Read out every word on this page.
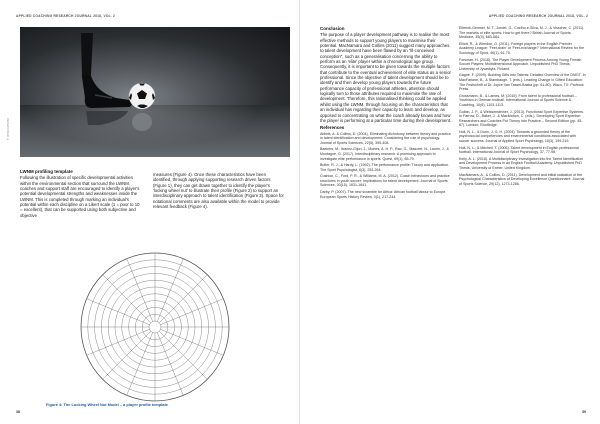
APPLIED COACHING RESEARCH JOURNAL 2018, VOL. 2
© ISTOCKPHOTO
LWNM profiling template

Following the illustration of specific developmental activities within the environmental section that surround the LWNM, coaches and support staff are encouraged to identify a player's potential developmental strengths and weaknesses inside the LWNM. This is completed through marking an individual's potential within each discipline on a Likert scale (1 = poor to 10 = excellent), that can be supported using both subjective and objective

measures (Figure 4). Once these characteristics have been identified, through applying supporting research driven factors (Figure 1), they can get drawn together to identify the player's 'locking wheel nut' to illustrate their profile (Figure 2) to support an interdisciplinary approach to talent identification (Figure 3). Space for notational comments are also available within the model to provide relevant feedback (Figure 4).

Figure 4: The Locking Wheel Nut Model – a player profile template
38
APPLIED COACHING RESEARCH JOURNAL 2018, VOL. 2
Conclusion

The purpose of a player development pathway is to realise the most effective methods to support young players to maximise their potential. MacNamara and Collins (2011) suggest many approaches to talent development have been flawed by an "ill-conceived conception", such as a generalisation concerning the ability to perform as an 'elite' player within a chronological age group. Consequently, it is important to be given towards the multiple factors that contribute to the eventual achievement of elite status as a senior professional. Since the objective of talent development should be to identify and then develop young players towards the future performance capacity of professional athletes, attention should logically turn to those attributes required to maximise the rate of development. Therefore, this rationalised thinking could be applied whilst using the LWNM, through focusing on the characteristics that an individual has regarding their capacity to learn and develop, as opposed to concentrating on what the coach already knows and how the player is performing at a particular time during their development.

References

Abbott, A. & Collins, D. (2004). Eliminating dichotomy between theory and practice in talent identification and development: Considering the role of psychology. Journal of Sports Sciences, 22(5), 395-408.

Baekers, M., Ibanez-Gijon, J., Mortes, A. H. P., Rao, G., Mascret, N., Laurin, J., & Montagne, G. (2017). Interdisciplinary research: A promising approach to investigate elite performance in sports. Quest, 69(1), 65-79.

Butler, R. J., & Hardy, L. (1992). The performance profile: Theory and application. The Sport Psychologist, 6(3), 253-264.

Cushion, C., Ford, P. R., & Williams, M. A. (2012). Coach behaviours and practice structures in youth soccer: Implications for talent development. Journal of Sports Sciences, 30(15), 1631-1641.

Darby, P. (2007). The new scramble for Africa: African football labour to Europe. European Sports History Review, 3(1), 217-244.

Elferink-Gemser, M. T., Jordet, G., Coelho-e-Silva, M. J., & Visscher, C. (2011). The marvels of elite sports: How to get there? British Journal of Sports Medicine, 45(9), 683-684.

Elliott, R., & Weedon, G. (2011). Foreign players in the English Premier Academy League: 'Feet-drain' or 'Feet-exchange?' International Review for the Sociology of Sport, 46(1), 61-75.

Forsman, H. (2016). The Player Development Process Among Young Finnish Soccer Players: Multidimensional Approach. Unpublished PhD Thesis, University of Jyvaskyla, Finland.

Gagné, F. (2009). Building Gifts into Talents: Detailed Overview of the DMGT. In MacFarlane, B., & Stambaugh, T. (eds.). Leading Change in Gifted Education: The Festschrift of Dr. Joyce Van Tassel-Baska (pp. 61-80). Waco, TX: Prufrock Press.

Grossmann, B., & Lames, M. (2015). From talent to professional football – Youthism in German football. International Journal of Sports Science & Coaching, 10(6), 1103-1113.

Gulbin, J. P., & Weissensteiner, J. (2013). Functional Sport Expertise Systems. In Farrow, D., Baker, J., & MacMahon, C. (eds.), Developing Sport Expertise: Researchers and Coaches Put Theory into Practice – Second Edition (pp. 45-67). London: Routledge.

Holt, N. L., & Dunn, J. G. H. (2004). Towards a grounded theory of the psychosocial competencies and environmental conditions associated with soccer success. Journal of Applied Sport Psychology, 16(3), 199-219.

Holt, N. L., & Mitchell, T. (2006). Talent development in English professional football. International Journal of Sport Psychology, 37, 77-98.

Kelly, A. L. (2018). A Multidisciplinary Investigation into the Talent Identification and Development Process in an English Football Academy. Unpublished PhD Thesis, University of Exeter, United Kingdom.

MacNamara, A., & Collins, D. (2011). Development and initial validation of the Psychological Characteristics of Developing Excellence Questionnaire. Journal of Sports Science, 29(12), 1273-1286.

39
